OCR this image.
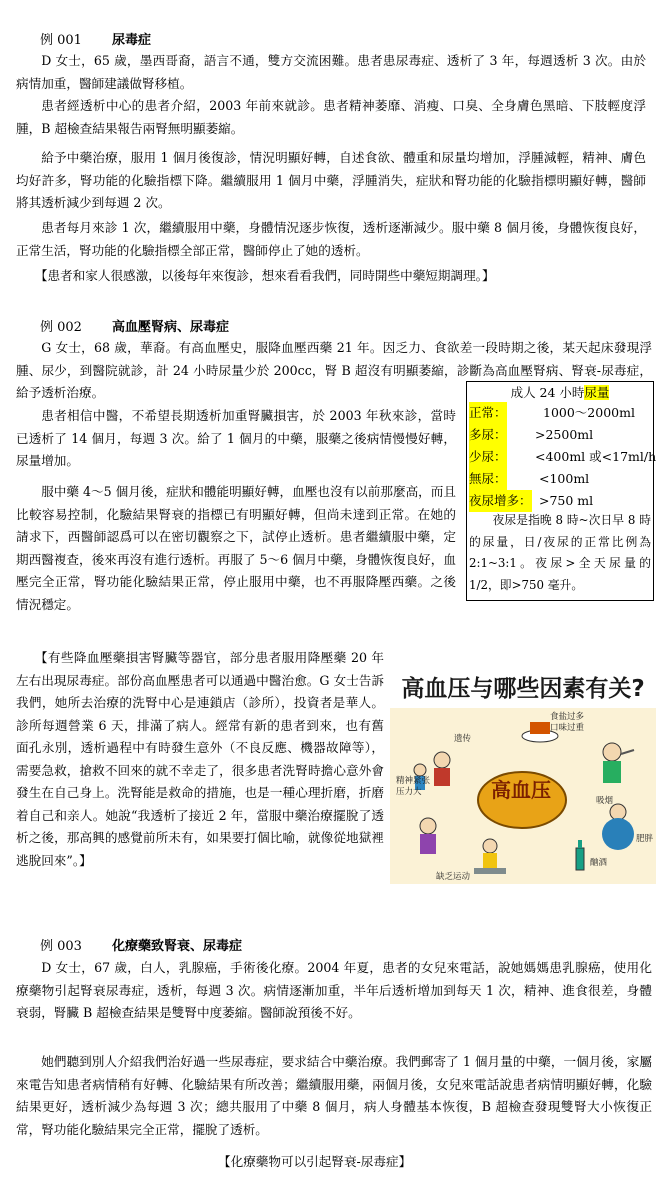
例 001 尿毒症

D 女士，65 歲，墨西哥裔，語言不通，雙方交流困難。患者患尿毒症、透析了 3 年，每週透析 3 次。由於病情加重，醫師建議做腎移植。

患者經透析中心的患者介紹，2003 年前來就診。患者精神萎靡、消瘦、口臭、全身膚色黑暗、下肢輕度浮腫，B 超檢查結果報告兩腎無明顯萎縮。

給予中藥治療，服用 1 個月後復診，情況明顯好轉，自述食欲、體重和尿量均增加，浮腫減輕，精神、膚色均好許多，腎功能的化驗指標下降。繼續服用 1 個月中藥，浮腫消失，症狀和腎功能的化驗指標明顯好轉，醫師將其透析減少到每週 2 次。

患者每月來診 1 次，繼續服用中藥，身體情況逐步恢復，透析逐漸減少。服中藥 8 個月後，身體恢復良好，正常生活，腎功能的化驗指標全部正常，醫師停止了她的透析。

【患者和家人很感激，以後每年來復診，想來看看我們，同時開些中藥短期調理。】

例 002 高血壓腎病、尿毒症

G 女士，68 歲，華裔。有高血壓史，服降血壓西藥 21 年。因乏力、食欲差一段時期之後，某天起床發現浮腫、尿少，到醫院就診，計 24 小時尿量少於 200cc，腎 B 超沒有明顯萎縮，診斷為高血壓腎病、腎衰-尿毒症，給予透析治療。

患者相信中醫，不希望長期透析加重腎臟損害，於 2003 年秋來診，當時已透析了 14 個月，每週 3 次。給了 1 個月的中藥，服藥之後病情慢慢好轉，尿量增加。

服中藥 4～5 個月後，症狀和體能明顯好轉，血壓也沒有以前那麼高，而且比較容易控制，化驗結果腎衰的指標已有明顯好轉，但尚未達到正常。在她的請求下，西醫師認爲可以在密切觀察之下，試停止透析。患者繼續服中藥，定期西醫複查，後來再沒有進行透析。再服了 5～6 個月中藥，身體恢復良好，血壓完全正常，腎功能化驗結果正常，停止服用中藥，也不再服降壓西藥。之後情況穩定。

【有些降血壓藥損害腎臟等器官，部分患者服用降壓藥 20 年左右出現尿毒症。部份高血壓患者可以通過中醫治愈。G 女士告訴我們，她所去治療的洗腎中心是連鎖店（診所），投資者是華人。診所每週營業 6 天，排滿了病人。經常有新的患者到來，也有舊面孔永別，透析過程中有時發生意外（不良反應、機器故障等），需要急救，搶救不回來的就不幸走了，很多患者洗腎時擔心意外會發生在自己身上。洗腎能是救命的措施，也是一種心理折磨，折磨着自己和亲人。她說“我透析了接近 2 年，當服中藥治療擺脫了透析之後，那高興的感覺前所未有，如果要打個比喻，就像從地獄裡逃脫回來”。】

成人 24 小時尿量
正常：	1000～2000ml
多尿： >2500ml
少尿： <400ml 或<17ml/h
無尿：	<100ml
夜尿增多： >750 ml
夜尿是指晚 8 時~次日早 8 時的尿量，日/夜尿的正常比例為 2:1~3:1。夜尿>全天尿量的 1/2，即>750 毫升。
高血压与哪些因素有关?
高血压
食盐过多
口味过重
遗传
吸烟
精神紧张
压力大
肥胖
酗酒
缺乏运动
例 003 化療藥致腎衰、尿毒症

D 女士，67 歲，白人，乳腺癌，手術後化療。2004 年夏，患者的女兒來電話，說她媽媽患乳腺癌，使用化療藥物引起腎衰尿毒症，透析，每週 3 次。病情逐漸加重，半年后透析增加到每天 1 次，精神、進食很差，身體衰弱，腎臟 B 超檢查結果是雙腎中度萎縮。醫師說預後不好。

她們聽到別人介紹我們治好過一些尿毒症，要求結合中藥治療。我們郵寄了 1 個月量的中藥，一個月後，家屬來電告知患者病情稍有好轉、化驗結果有所改善；繼續服用藥，兩個月後，女兒來電話說患者病情明顯好轉，化驗結果更好，透析減少為每週 3 次；總共服用了中藥 8 個月，病人身體基本恢復，B 超檢查發現雙腎大小恢復正常，腎功能化驗結果完全正常，擺脫了透析。

【化療藥物可以引起腎衰-尿毒症】
